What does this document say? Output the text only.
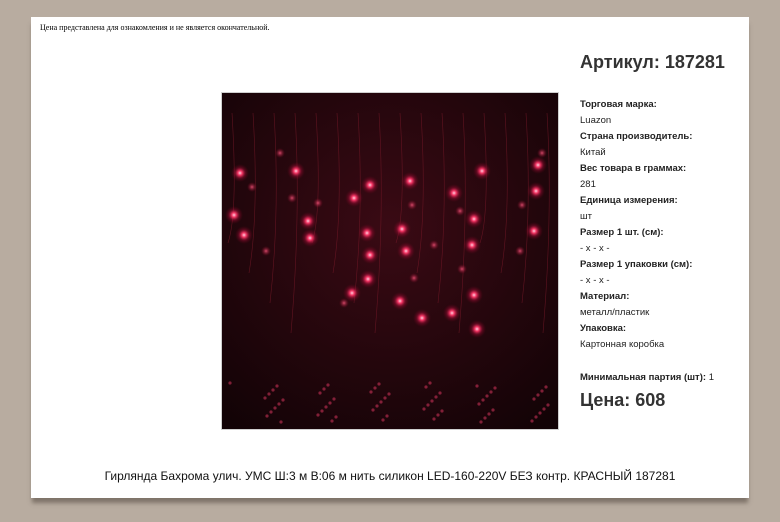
Цена представлена для ознакомления и не является окончательной.
Артикул: 187281
Торговая марка:
Luazon
Страна производитель:
Китай
Вес товара в граммах:
281
Единица измерения:
шт
Размер 1 шт. (см):
- х - х -
Размер 1 упаковки (см):
- х - х -
Материал:
металл/пластик
Упаковка:
Картонная коробка
Минимальная партия (шт): 1
Цена: 608
Гирлянда Бахрома улич. УМС Ш:3 м В:06 м нить силикон LED-160-220V БЕЗ контр. КРАСНЫЙ 187281
